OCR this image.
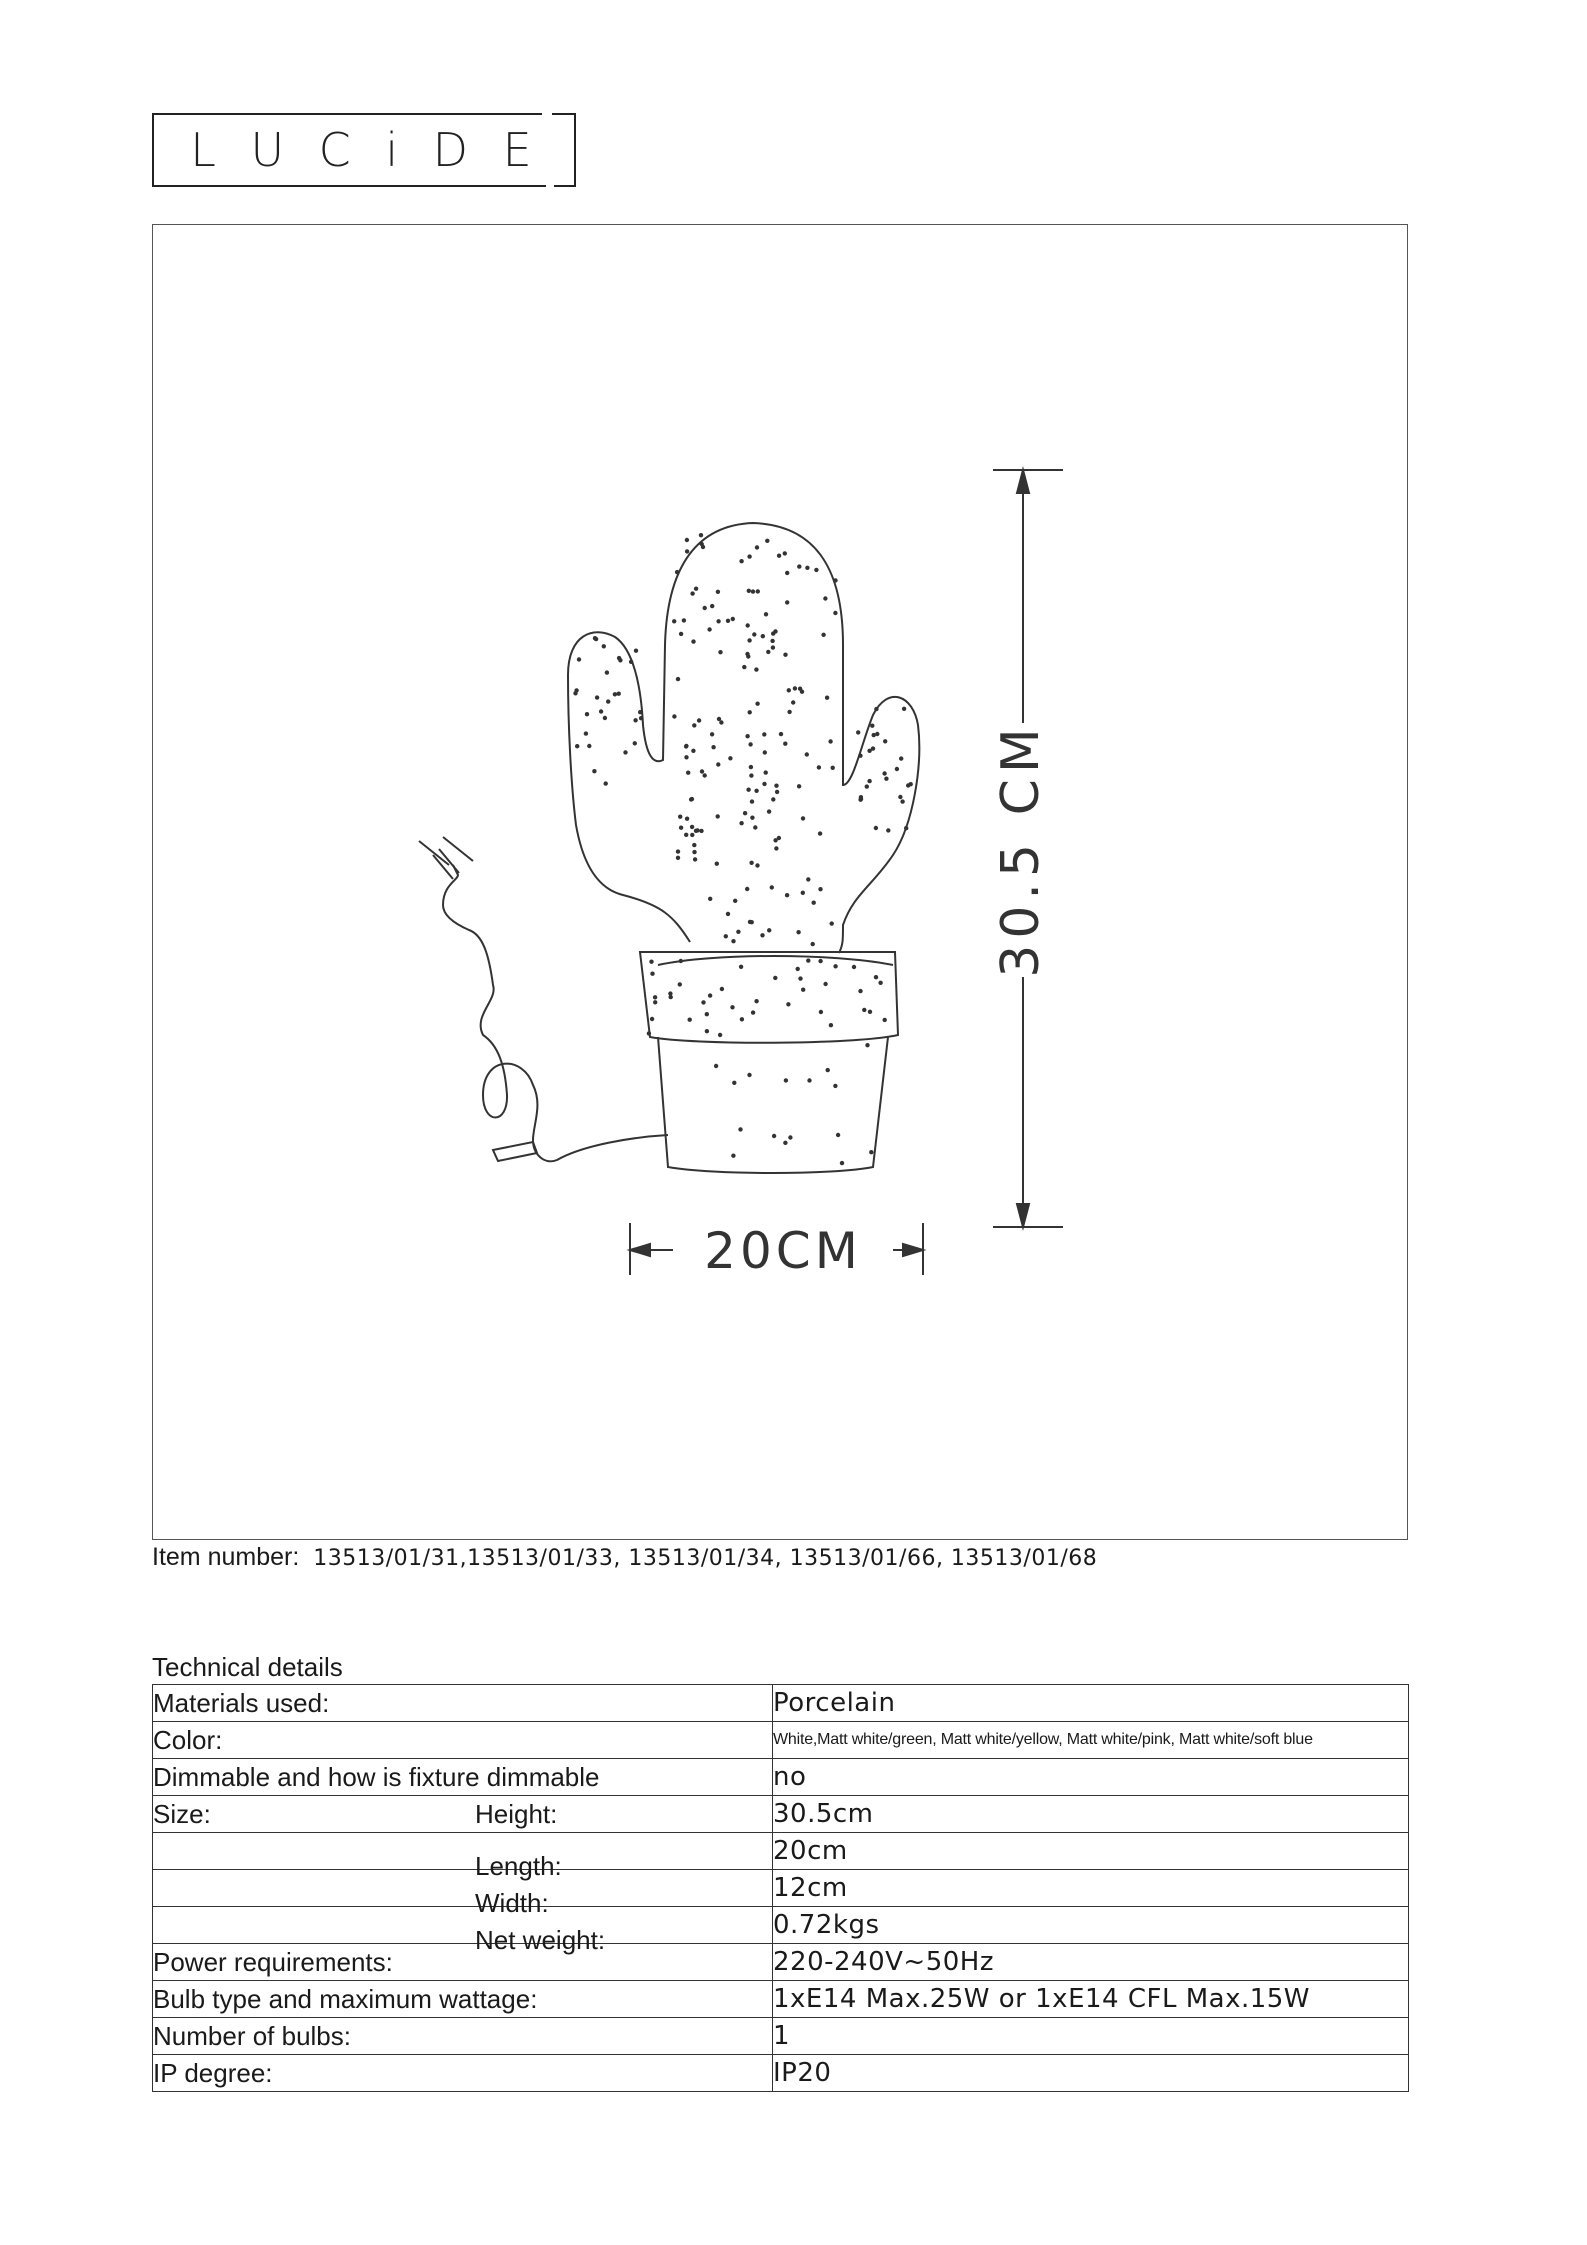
L U C i D E
30.5 CM
20CM
Item number: 13513/01/31,13513/01/33, 13513/01/34, 13513/01/66, 13513/01/68
Technical details
Materials used:	Porcelain
Color:	White,Matt white/green, Matt white/yellow, Matt white/pink, Matt white/soft blue
Dimmable and how is fixture dimmable	no
Size: Height:	30.5cm

Length:	20cm

Width:	12cm

Net weight:	0.72kgs
Power requirements:	220-240V~50Hz
Bulb type and maximum wattage:	1xE14 Max.25W or 1xE14 CFL Max.15W
Number of bulbs:	1
IP degree:	IP20
